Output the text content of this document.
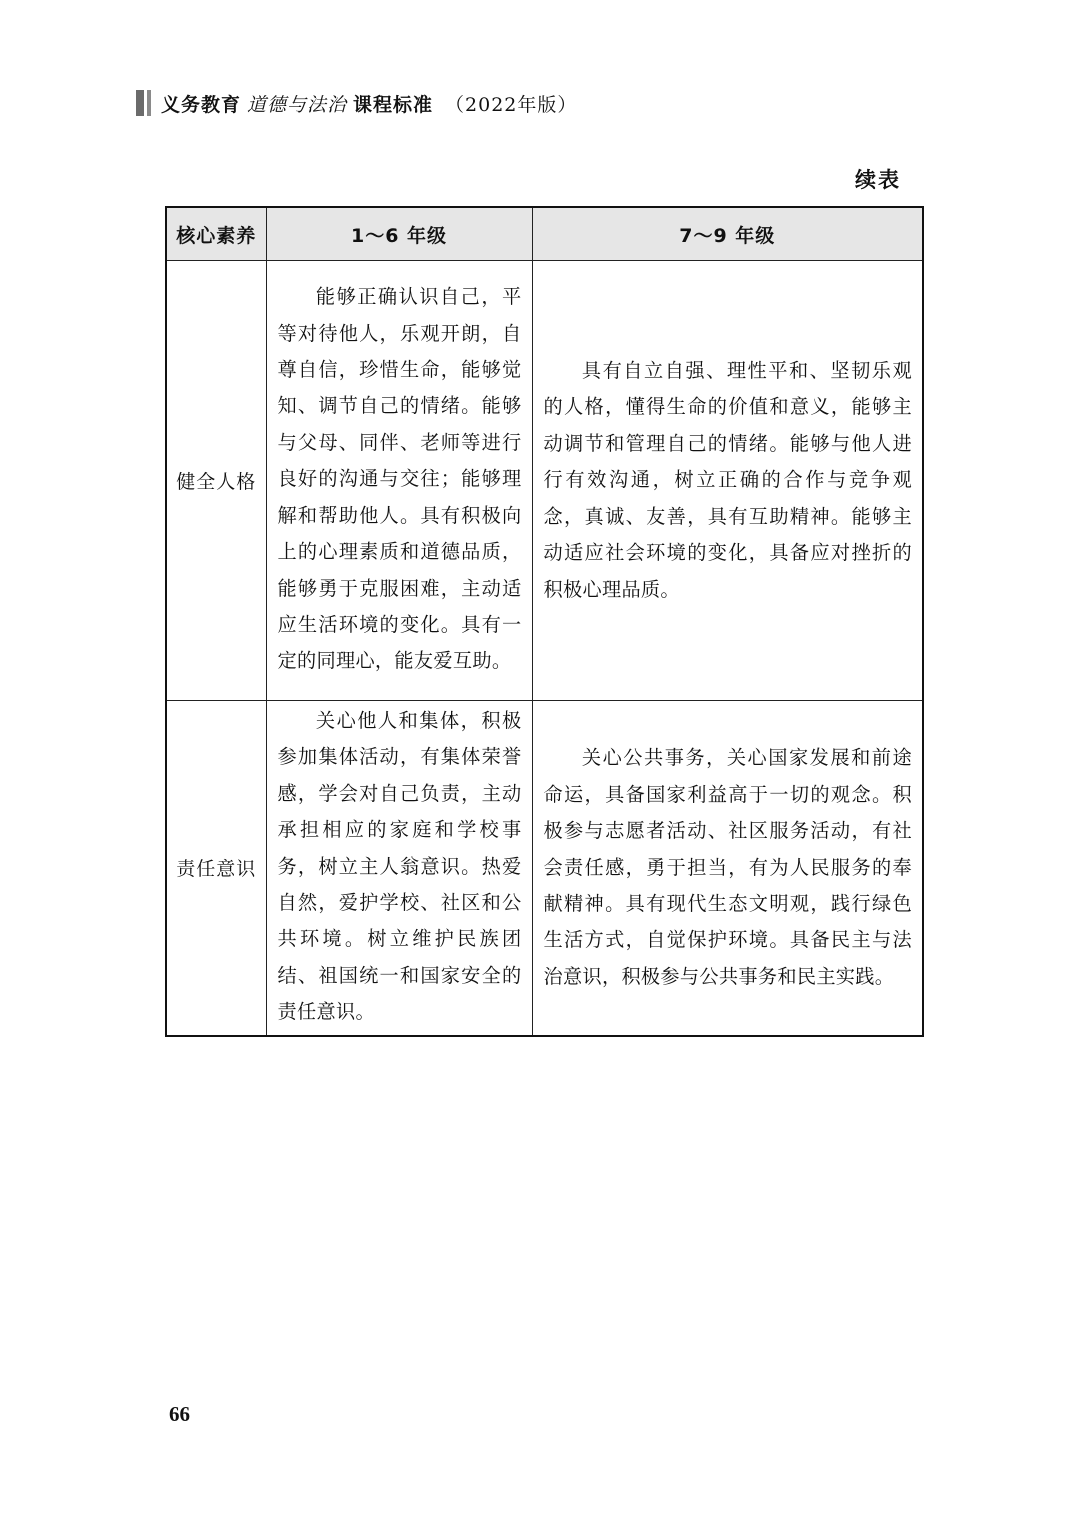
义务教育 道德与法治 课程标准 （2022年版）
续表
核心素养	1～6 年级	7～9 年级
健全人格	能够正确认识自己，平等对待他人，乐观开朗，自尊自信，珍惜生命，能够觉知、调节自己的情绪。能够与父母、同伴、老师等进行良好的沟通与交往；能够理解和帮助他人。具有积极向上的心理素质和道德品质，能够勇于克服困难，主动适应生活环境的变化。具有一定的同理心，能友爱互助。	具有自立自强、理性平和、坚韧乐观的人格，懂得生命的价值和意义，能够主动调节和管理自己的情绪。能够与他人进行有效沟通，树立正确的合作与竞争观念，真诚、友善，具有互助精神。能够主动适应社会环境的变化，具备应对挫折的积极心理品质。

责任意识	关心他人和集体，积极参加集体活动，有集体荣誉感，学会对自己负责，主动承担相应的家庭和学校事务，树立主人翁意识。热爱自然，爱护学校、社区和公共环境。树立维护民族团结、祖国统一和国家安全的责任意识。	关心公共事务，关心国家发展和前途命运，具备国家利益高于一切的观念。积极参与志愿者活动、社区服务活动，有社会责任感，勇于担当，有为人民服务的奉献精神。具有现代生态文明观，践行绿色生活方式，自觉保护环境。具备民主与法治意识，积极参与公共事务和民主实践。

66
